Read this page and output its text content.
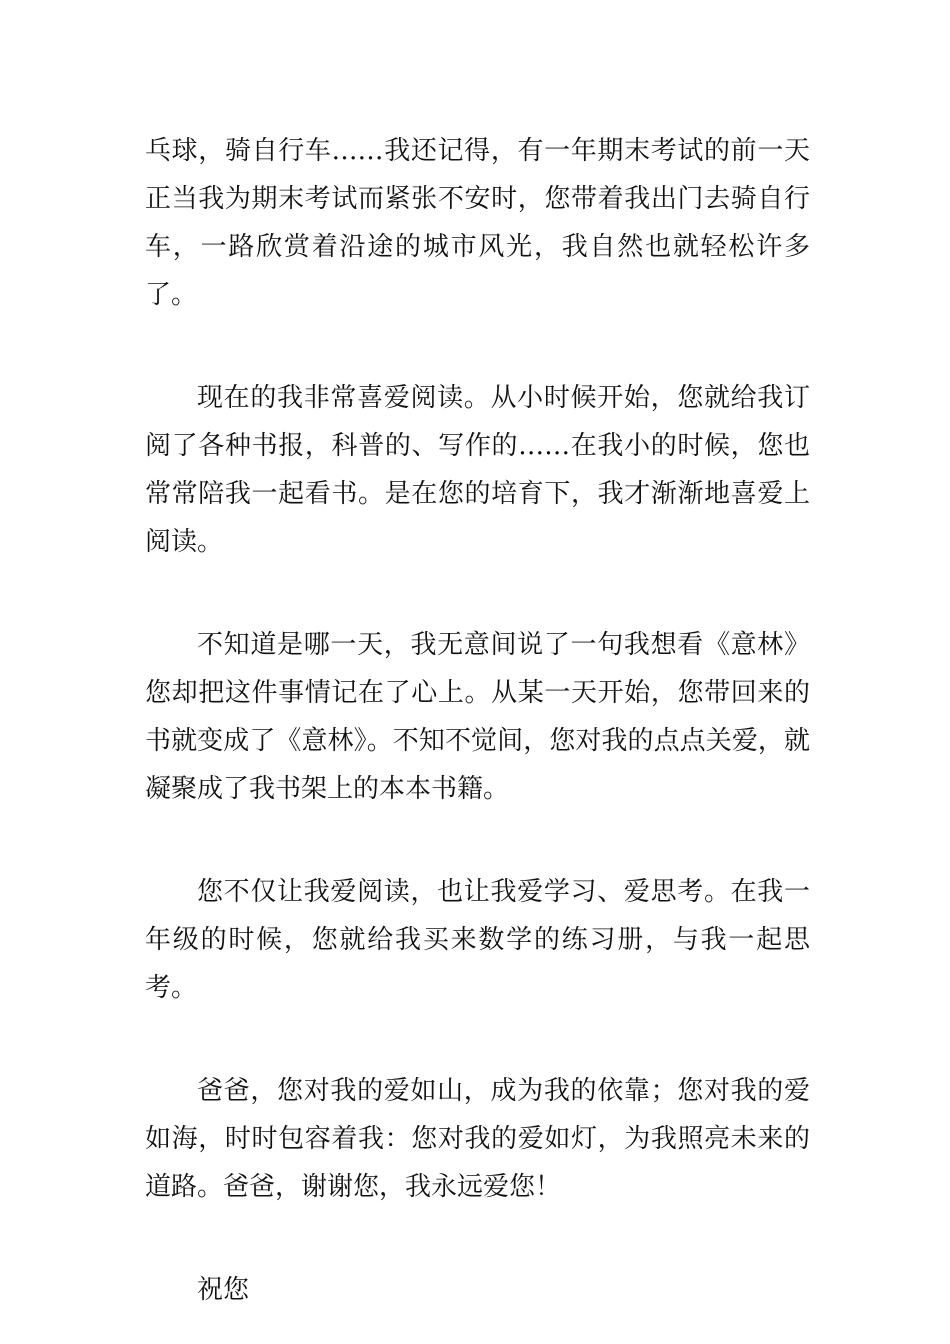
乓球，骑自行车……我还记得，有一年期末考试的前一天正当我为期末考试而紧张不安时，您带着我出门去骑自行车，一路欣赏着沿途的城市风光，我自然也就轻松许多了。

现在的我非常喜爱阅读。从小时候开始，您就给我订阅了各种书报，科普的、写作的……在我小的时候，您也常常陪我一起看书。是在您的培育下，我才渐渐地喜爱上阅读。

不知道是哪一天，我无意间说了一句我想看《意林》您却把这件事情记在了心上。从某一天开始，您带回来的书就变成了《意林》。不知不觉间，您对我的点点关爱，就凝聚成了我书架上的本本书籍。

您不仅让我爱阅读，也让我爱学习、爱思考。在我一年级的时候，您就给我买来数学的练习册，与我一起思考。

爸爸，您对我的爱如山，成为我的依靠；您对我的爱如海，时时包容着我：您对我的爱如灯，为我照亮未来的道路。爸爸，谢谢您，我永远爱您！

祝您
